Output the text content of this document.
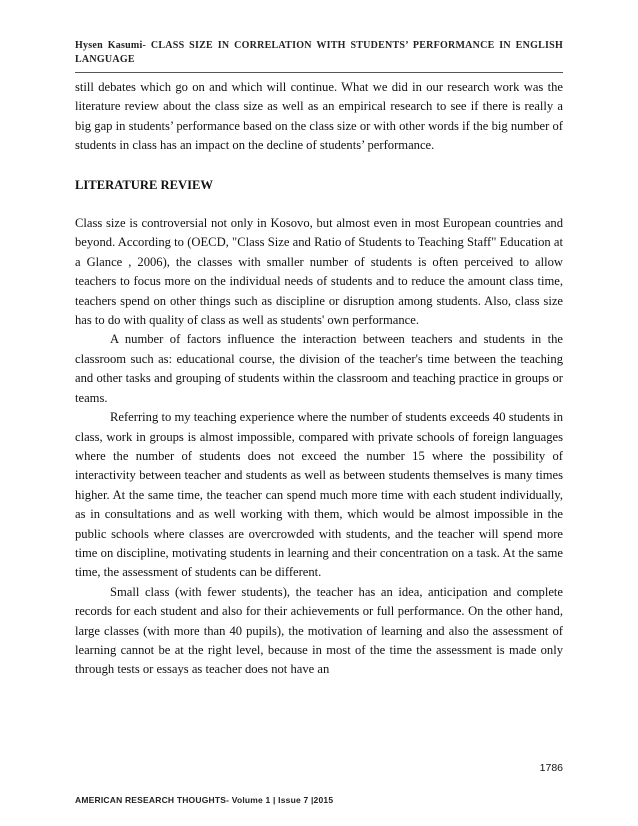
Hysen Kasumi- CLASS SIZE IN CORRELATION WITH STUDENTS’ PERFORMANCE IN ENGLISH LANGUAGE

still debates which go on and which will continue. What we did in our research work was the literature review about the class size as well as an empirical research to see if there is really a big gap in students’ performance based on the class size or with other words if the big number of students in class has an impact on the decline of students’ performance.

LITERATURE REVIEW

Class size is controversial not only in Kosovo, but almost even in most European countries and beyond. According to (OECD, "Class Size and Ratio of Students to Teaching Staff" Education at a Glance , 2006), the classes with smaller number of students is often perceived to allow teachers to focus more on the individual needs of students and to reduce the amount class time, teachers spend on other things such as discipline or disruption among students. Also, class size has to do with quality of class as well as students' own performance.

A number of factors influence the interaction between teachers and students in the classroom such as: educational course, the division of the teacher's time between the teaching and other tasks and grouping of students within the classroom and teaching practice in groups or teams.

Referring to my teaching experience where the number of students exceeds 40 students in class, work in groups is almost impossible, compared with private schools of foreign languages where the number of students does not exceed the number 15 where the possibility of interactivity between teacher and students as well as between students themselves is many times higher. At the same time, the teacher can spend much more time with each student individually, as in consultations and as well working with them, which would be almost impossible in the public schools where classes are overcrowded with students, and the teacher will spend more time on discipline, motivating students in learning and their concentration on a task. At the same time, the assessment of students can be different.

Small class (with fewer students), the teacher has an idea, anticipation and complete records for each student and also for their achievements or full performance. On the other hand, large classes (with more than 40 pupils), the motivation of learning and also the assessment of learning cannot be at the right level, because in most of the time the assessment is made only through tests or essays as teacher does not have an

1786
AMERICAN RESEARCH THOUGHTS- Volume 1 | Issue 7 |2015
